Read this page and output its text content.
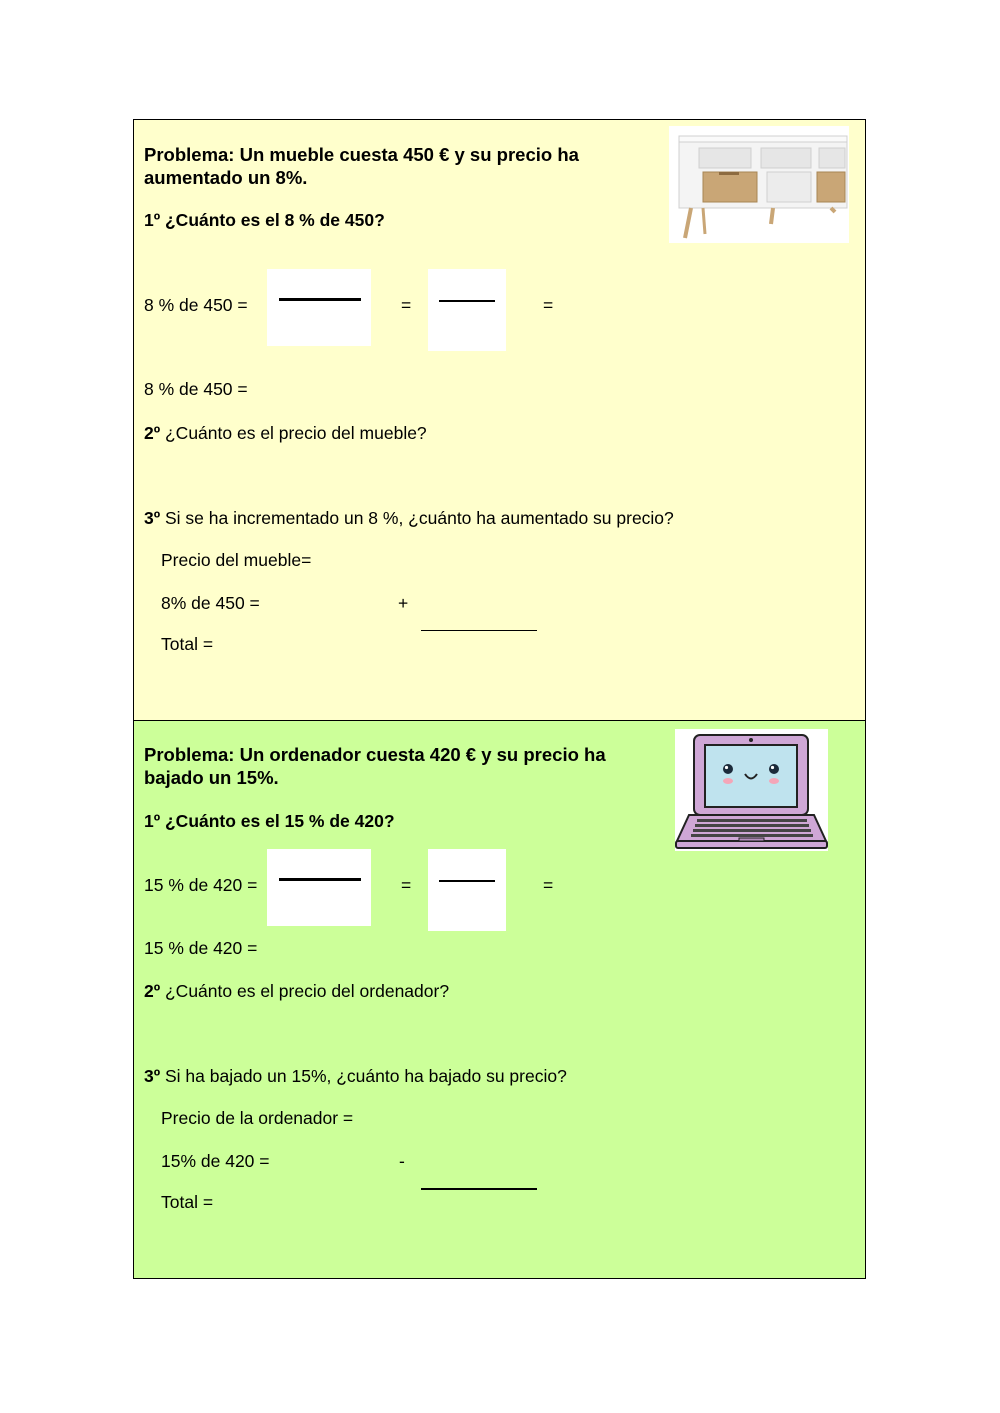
Problema: Un mueble cuesta 450 € y su precio ha aumentado un 8%.
1º ¿Cuánto es el 8 % de 450?
8 % de 450 =	=	=
8 % de 450 =
2º ¿Cuánto es el precio del mueble?
3º Si se ha incrementado un 8 %, ¿cuánto ha aumentado su precio?
Precio del mueble=
8% de 450 =	+
Total =
Problema: Un ordenador cuesta 420 € y su precio ha bajado un 15%.
1º ¿Cuánto es el 15 % de 420?
15 % de 420 =	=	=
15 % de 420 =
2º ¿Cuánto es el precio del ordenador?
3º Si ha bajado un 15%, ¿cuánto ha bajado su precio?
Precio de la ordenador =
15% de 420 =	-
Total =
